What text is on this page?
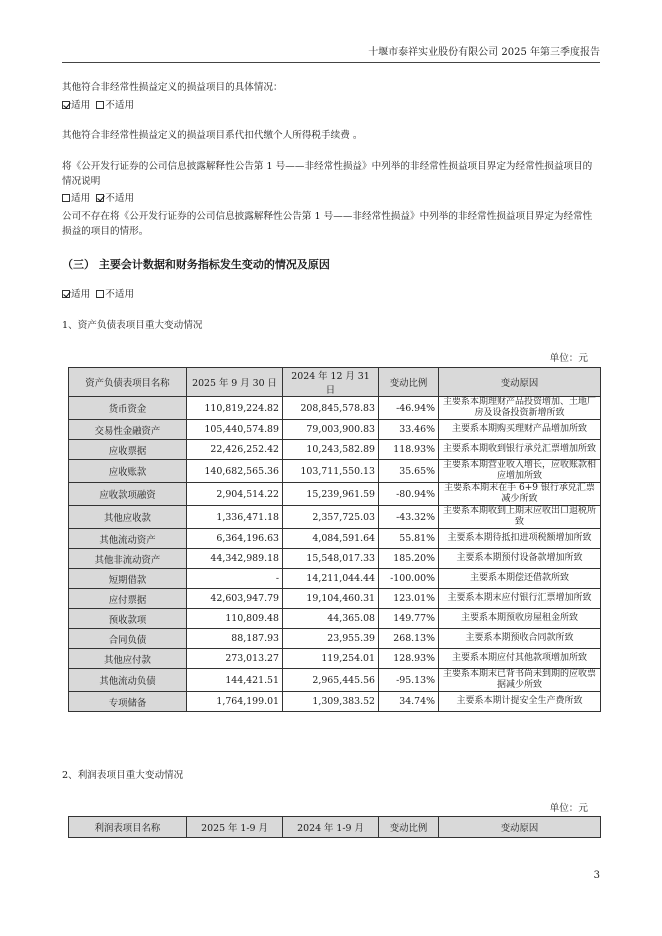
十堰市泰祥实业股份有限公司 2025 年第三季度报告
其他符合非经常性损益定义的损益项目的具体情况：
适用 不适用
其他符合非经常性损益定义的损益项目系代扣代缴个人所得税手续费 。
将《公开发行证券的公司信息披露解释性公告第 1 号——非经常性损益》中列举的非经常性损益项目界定为经常性损益项目的情况说明
适用 不适用
公司不存在将《公开发行证券的公司信息披露解释性公告第 1 号——非经常性损益》中列举的非经常性损益项目界定为经常性损益的项目的情形。
（三） 主要会计数据和财务指标发生变动的情况及原因
适用 不适用
1、资产负债表项目重大变动情况
单位：元
资产负债表项目名称	2025 年 9 月 30 日	2024 年 12 月 31 日	变动比例	变动原因
货币资金	110,819,224.82	208,845,578.83	-46.94%	主要系本期理财产品投资增加、土地厂房及设备投资新增所致
交易性金融资产	105,440,574.89	79,003,900.83	33.46%	主要系本期购买理财产品增加所致
应收票据	22,426,252.42	10,243,582.89	118.93%	主要系本期收到银行承兑汇票增加所致
应收账款	140,682,565.36	103,711,550.13	35.65%	主要系本期营业收入增长，应收账款相应增加所致
应收款项融资	2,904,514.22	15,239,961.59	-80.94%	主要系本期末在手 6+9 银行承兑汇票减少所致
其他应收款	1,336,471.18	2,357,725.03	-43.32%	主要系本期收到上期末应收出口退税所致
其他流动资产	6,364,196.63	4,084,591.64	55.81%	主要系本期待抵扣进项税额增加所致
其他非流动资产	44,342,989.18	15,548,017.33	185.20%	主要系本期预付设备款增加所致
短期借款	-	14,211,044.44	-100.00%	主要系本期偿还借款所致
应付票据	42,603,947.79	19,104,460.31	123.01%	主要系本期末应付银行汇票增加所致
预收款项	110,809.48	44,365.08	149.77%	主要系本期预收房屋租金所致
合同负债	88,187.93	23,955.39	268.13%	主要系本期预收合同款所致
其他应付款	273,013.27	119,254.01	128.93%	主要系本期应付其他款项增加所致
其他流动负债	144,421.51	2,965,445.56	-95.13%	主要系本期末已背书尚未到期的应收票据减少所致
专项储备	1,764,199.01	1,309,383.52	34.74%	主要系本期计提安全生产费所致
2、利润表项目重大变动情况
单位：元
利润表项目名称	2025 年 1-9 月	2024 年 1-9 月	变动比例	变动原因
3
